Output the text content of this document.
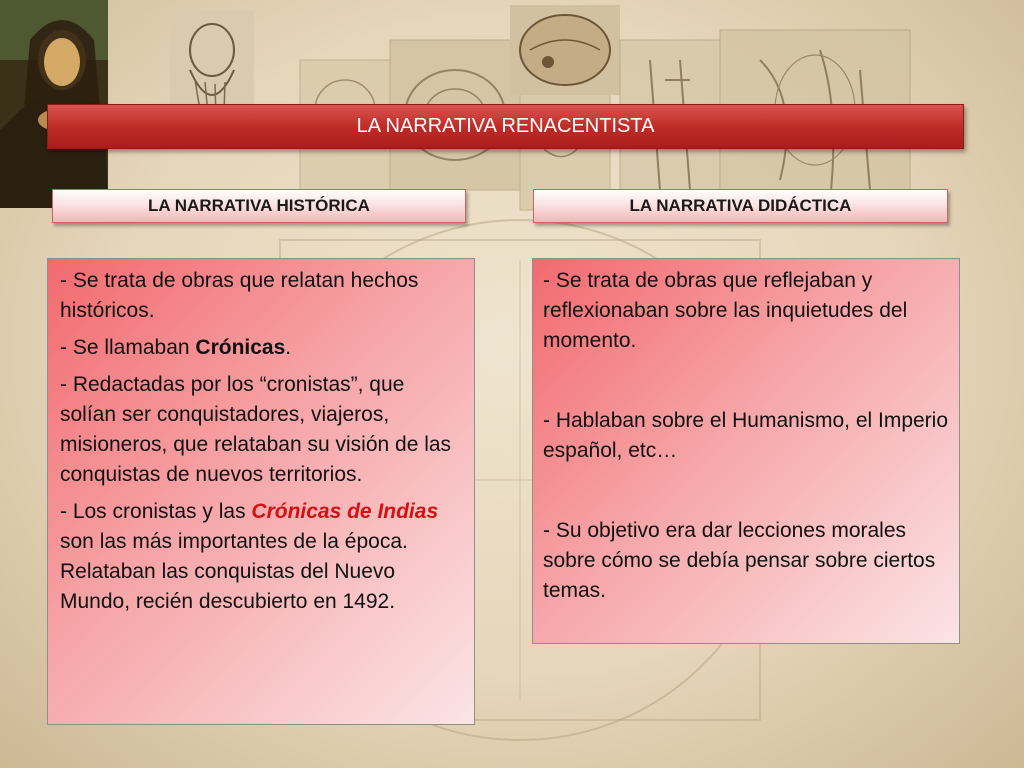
LA NARRATIVA RENACENTISTA
LA NARRATIVA HISTÓRICA	LA NARRATIVA DIDÁCTICA

- Se trata de obras que relatan hechos históricos.

- Se llamaban Crónicas.

- Redactadas por los “cronistas”, que solían ser conquistadores, viajeros, misioneros, que relataban su visión de las conquistas de nuevos territorios.

- Los cronistas y las Crónicas de Indias son las más importantes de la época. Relataban las conquistas del Nuevo Mundo, recién descubierto en 1492.

- Se trata de obras que reflejaban y reflexionaban sobre las inquietudes del momento.

- Hablaban sobre el Humanismo, el Imperio español, etc…

- Su objetivo era dar lecciones morales sobre cómo se debía pensar sobre ciertos temas.
